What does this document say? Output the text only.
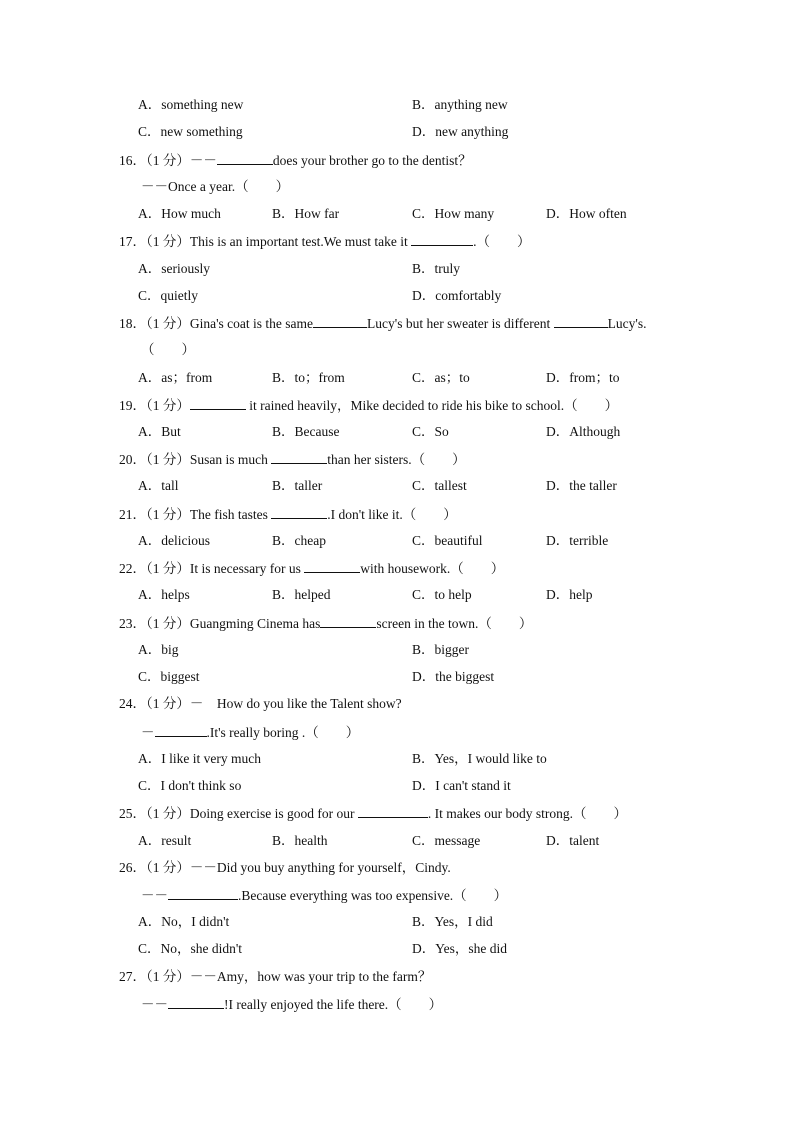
A．something new	B．anything new
C．new something	D．new anything
16．（1 分）－－	does your brother go to the dentist？
－－Once a year.（　　）
A．How much	B．How far	C．How many	D．How often
17．（1 分）This is an important test.We must take it	.（　　）
A．seriously	B．truly
C．quietly	D．comfortably
18．（1 分）Gina's coat is the same	Lucy's but her sweater is different	Lucy's.
（　　）
A．as；from	B．to；from	C．as；to	D．from；to
19．（1 分）	it rained heavily，Mike decided to ride his bike to school.（　　）
A．But	B．Because	C．So	D．Although
20．（1 分）Susan is much	than her sisters.（　　）
A．tall	B．taller	C．tallest	D．the taller
21．（1 分）The fish tastes	.I don't like it.（　　）
A．delicious	B．cheap	C．beautiful	D．terrible
22．（1 分）It is necessary for us	with housework.（　　）
A．helps	B．helped	C．to help	D．help
23．（1 分）Guangming Cinema has	screen in the town.（　　）
A．big	B．bigger
C．biggest	D．the biggest
24．（1 分）－　How do you like the Talent show?
－	.It's really boring .（　　）
A．I like it very much	B．Yes，I would like to
C．I don't think so	D．I can't stand it
25．（1 分）Doing exercise is good for our	. It makes our body strong.（　　）
A．result	B．health	C．message	D．talent
26．（1 分）－－Did you buy anything for yourself，Cindy.
－－	.Because everything was too expensive.（　　）
A．No，I didn't	B．Yes，I did
C．No，she didn't	D．Yes，she did
27．（1 分）－－Amy，how was your trip to the farm？
－－	!I really enjoyed the life there.（　　）
